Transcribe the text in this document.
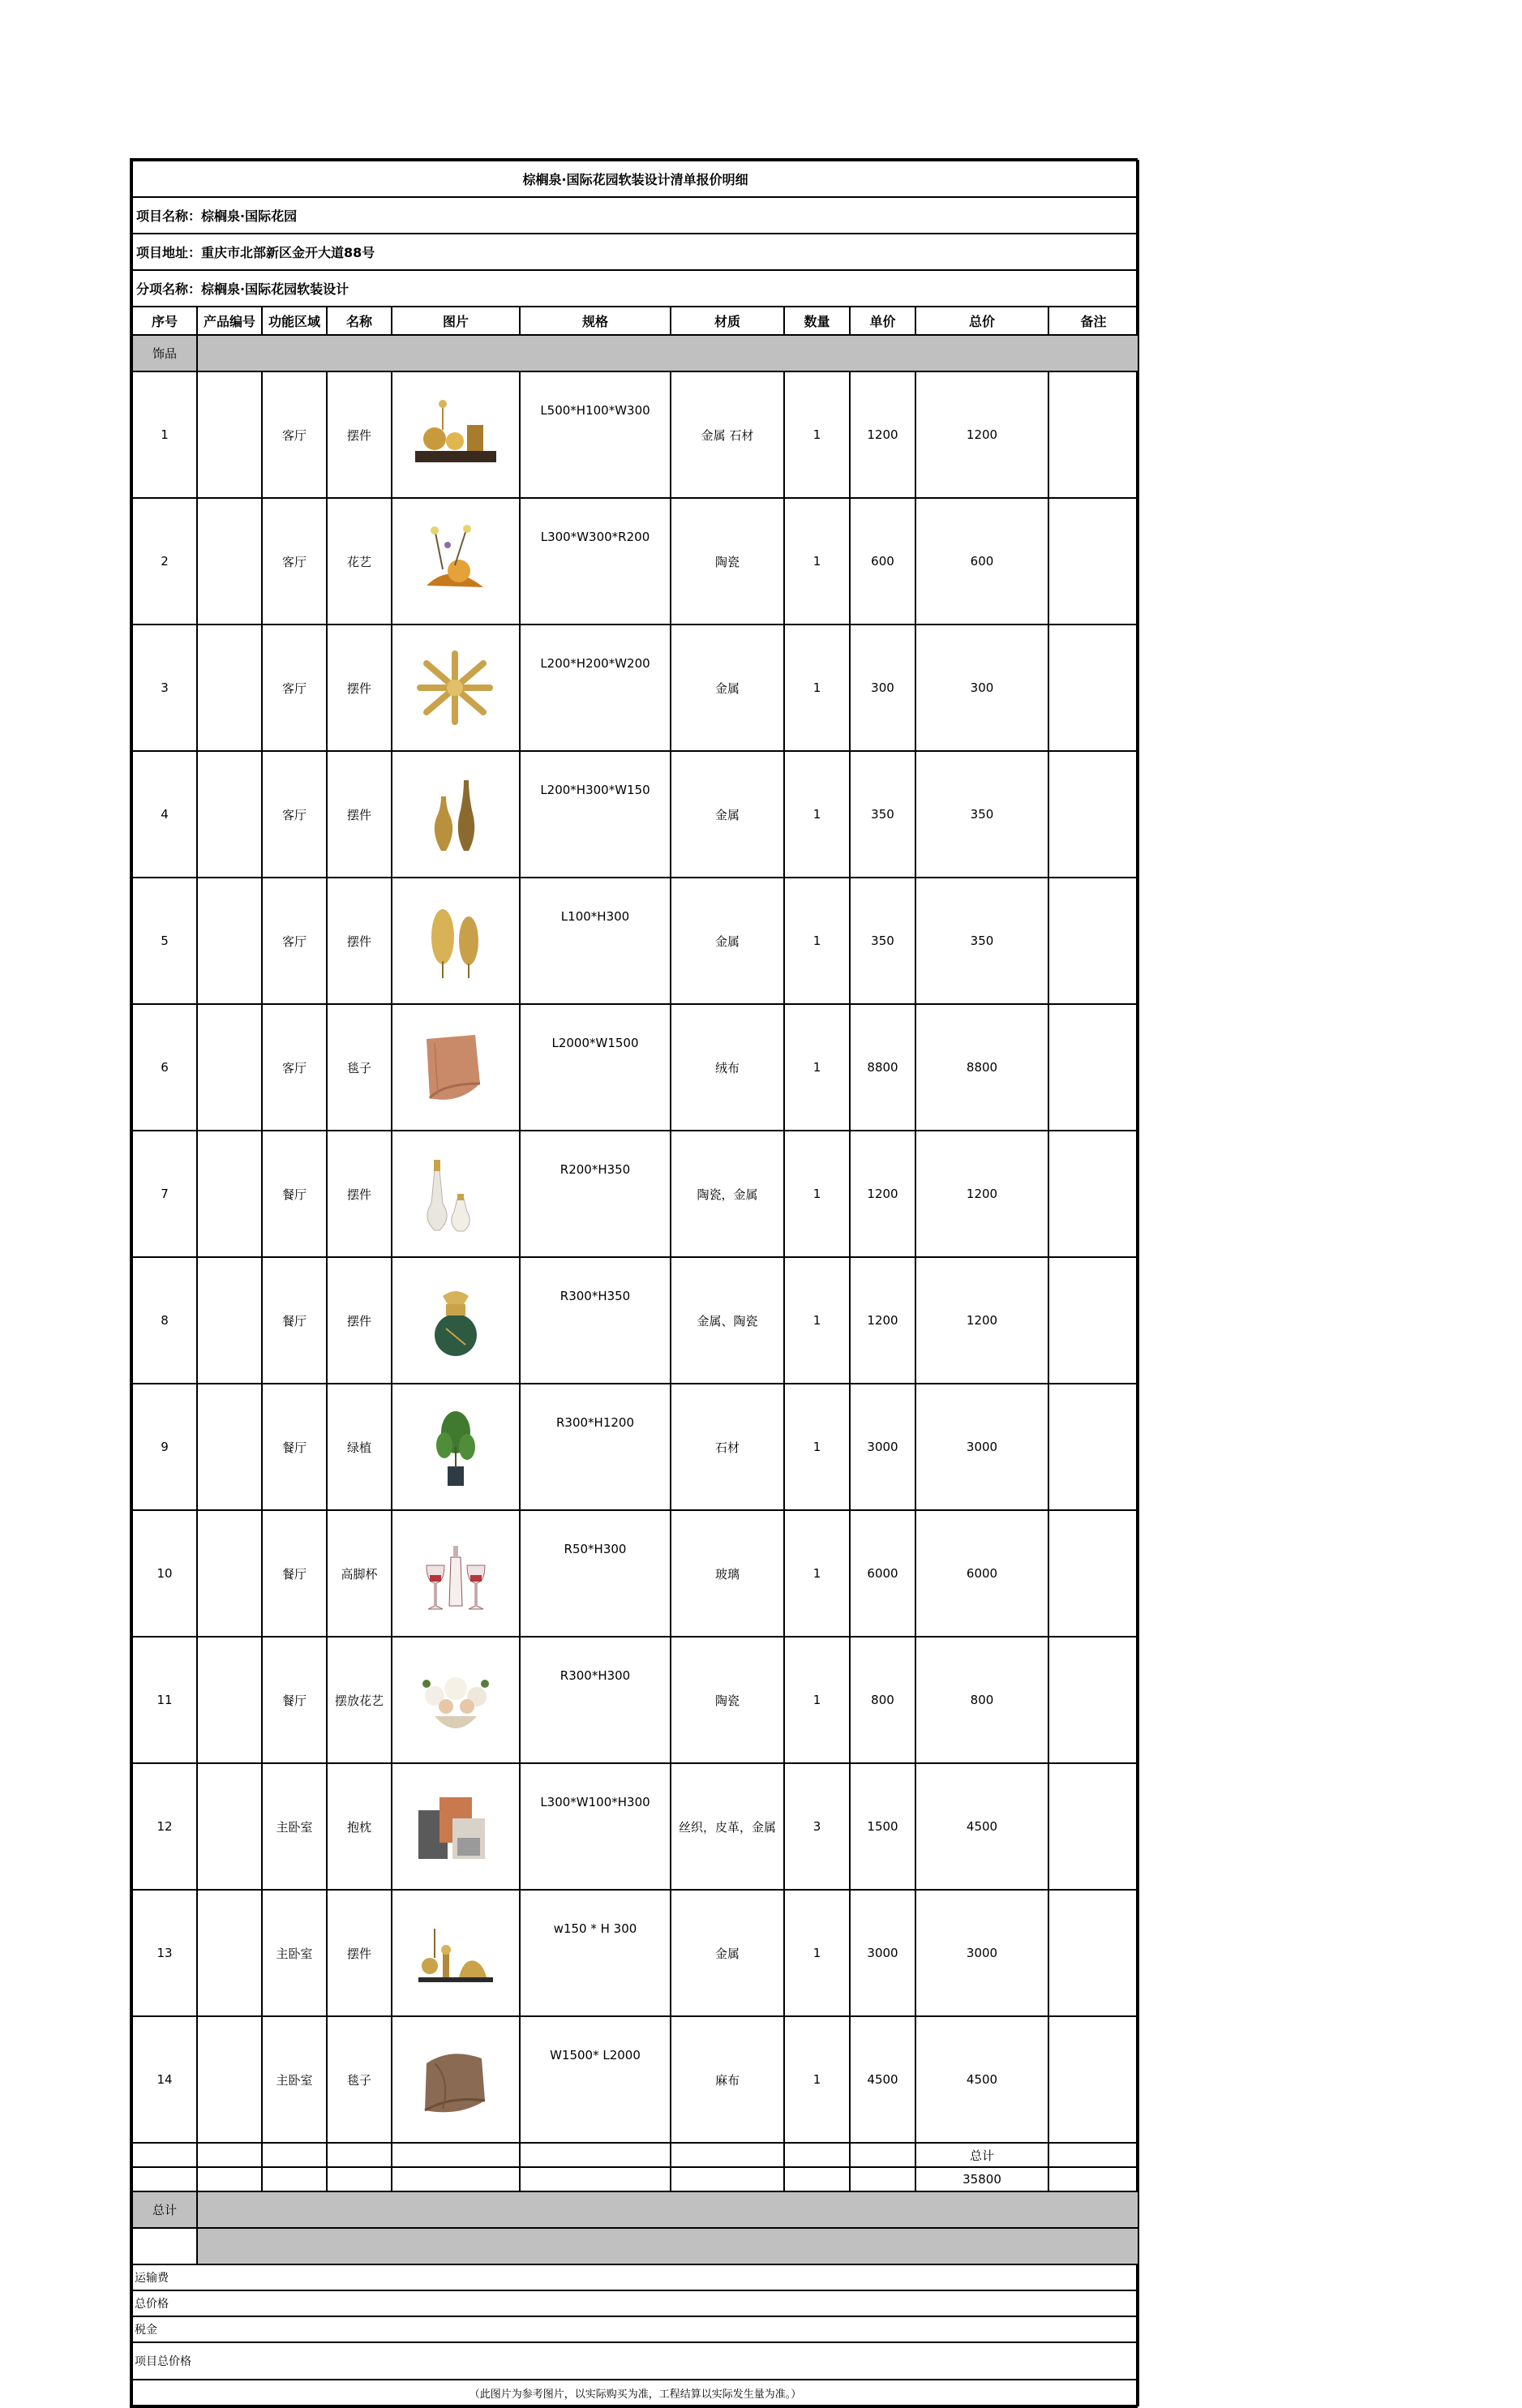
棕榈泉·国际花园软装设计清单报价明细										
项目名称：棕榈泉·国际花园										
项目地址：重庆市北部新区金开大道88号										
分项名称：棕榈泉·国际花园软装设计										
序号	产品编号	功能区域	名称	图片	规格	材质	数量	单价	总价	备注
饰品										
1		客厅	摆件		L500*H100*W300	金属 石材	1	1200	1200	
2		客厅	花艺		L300*W300*R200	陶瓷	1	600	600	
3		客厅	摆件		L200*H200*W200	金属	1	300	300	
4		客厅	摆件		L200*H300*W150	金属	1	350	350	
5		客厅	摆件		L100*H300	金属	1	350	350	
6		客厅	毯子		L2000*W1500	绒布	1	8800	8800	
7		餐厅	摆件		R200*H350	陶瓷，金属	1	1200	1200	
8		餐厅	摆件		R300*H350	金属、陶瓷	1	1200	1200	
9		餐厅	绿植		R300*H1200	石材	1	3000	3000	
10		餐厅	高脚杯		R50*H300	玻璃	1	6000	6000	
11		餐厅	摆放花艺		R300*H300	陶瓷	1	800	800	
12		主卧室	抱枕		L300*W100*H300	丝织，皮革，金属	3	1500	4500	
13		主卧室	摆件		w150 * H 300	金属	1	3000	3000	
14		主卧室	毯子		W1500* L2000	麻布	1	4500	4500	
									总计	
									35800	
总计										

运输费										
总价格										
税金										
项目总价格										
（此图片为参考图片，以实际购买为准，工程结算以实际发生量为准。）										
